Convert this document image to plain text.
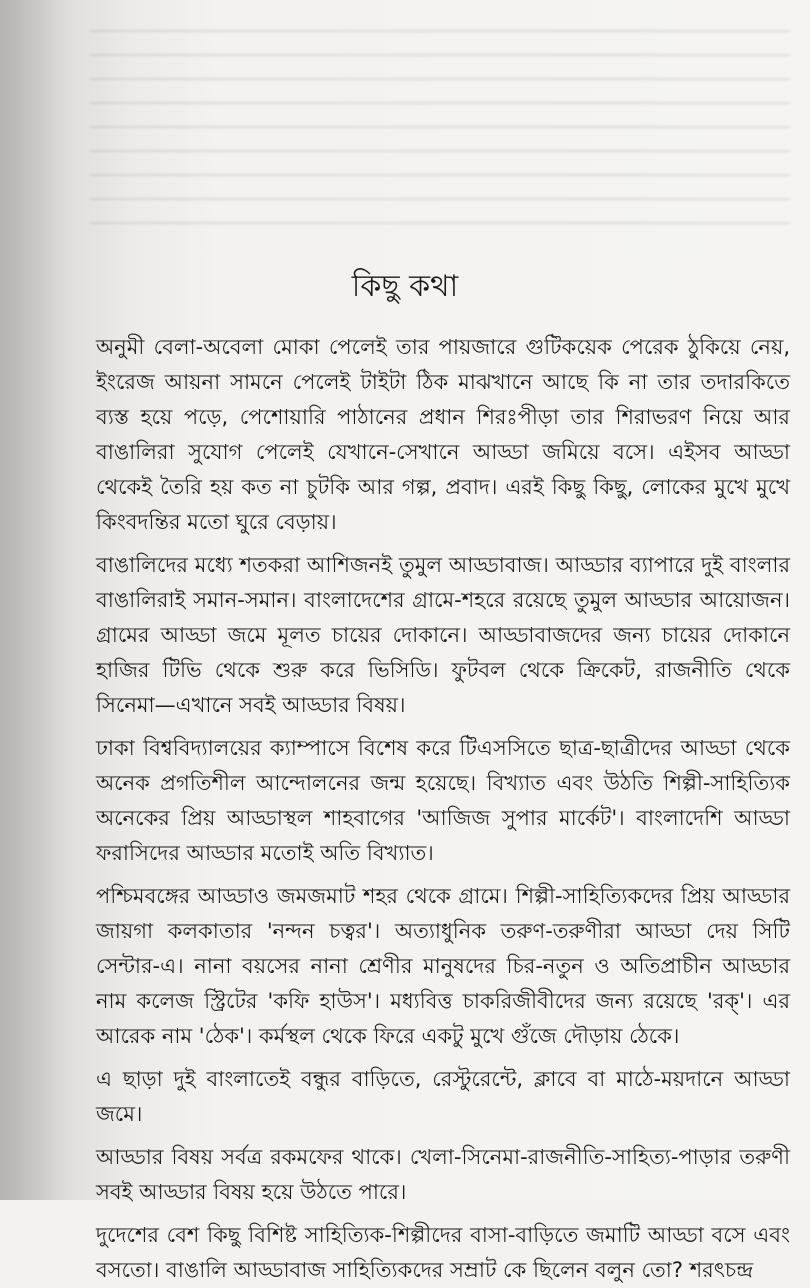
কিছু কথা

অনুমী বেলা-অবেলা মোকা পেলেই তার পায়জারে গুটিকয়েক পেরেক ঠুকিয়ে নেয়, ইংরেজ আয়না সামনে পেলেই টাইটা ঠিক মাঝখানে আছে কি না তার তদারকিতে ব্যস্ত হয়ে পড়ে, পেশোয়ারি পাঠানের প্রধান শিরঃপীড়া তার শিরাভরণ নিয়ে আর বাঙালিরা সুযোগ পেলেই যেখানে-সেখানে আড্ডা জমিয়ে বসে। এইসব আড্ডা থেকেই তৈরি হয় কত না চুটকি আর গল্প, প্রবাদ। এরই কিছু কিছু, লোকের মুখে মুখে কিংবদন্তির মতো ঘুরে বেড়ায়।

বাঙালিদের মধ্যে শতকরা আশিজনই তুমুল আড্ডাবাজ। আড্ডার ব্যাপারে দুই বাংলার বাঙালিরাই সমান-সমান। বাংলাদেশের গ্রামে-শহরে রয়েছে তুমুল আড্ডার আয়োজন। গ্রামের আড্ডা জমে মূলত চায়ের দোকানে। আড্ডাবাজদের জন্য চায়ের দোকানে হাজির টিভি থেকে শুরু করে ভিসিডি। ফুটবল থেকে ক্রিকেট, রাজনীতি থেকে সিনেমা—এখানে সবই আড্ডার বিষয়।

ঢাকা বিশ্ববিদ্যালয়ের ক্যাম্পাসে বিশেষ করে টিএসসিতে ছাত্র-ছাত্রীদের আড্ডা থেকে অনেক প্রগতিশীল আন্দোলনের জন্ম হয়েছে। বিখ্যাত এবং উঠতি শিল্পী-সাহিত্যিক অনেকের প্রিয় আড্ডাস্থল শাহবাগের 'আজিজ সুপার মার্কেট'। বাংলাদেশি আড্ডা ফরাসিদের আড্ডার মতোই অতি বিখ্যাত।

পশ্চিমবঙ্গের আড্ডাও জমজমাট শহর থেকে গ্রামে। শিল্পী-সাহিত্যিকদের প্রিয় আড্ডার জায়গা কলকাতার 'নন্দন চত্বর'। অত্যাধুনিক তরুণ-তরুণীরা আড্ডা দেয় সিটি সেন্টার-এ। নানা বয়সের নানা শ্রেণীর মানুষদের চির-নতুন ও অতিপ্রাচীন আড্ডার নাম কলেজ স্ট্রিটের 'কফি হাউস'। মধ্যবিত্ত চাকরিজীবীদের জন্য রয়েছে 'রক্'। এর আরেক নাম 'ঠেক'। কর্মস্থল থেকে ফিরে একটু মুখে গুঁজে দৌড়ায় ঠেকে।

এ ছাড়া দুই বাংলাতেই বন্ধুর বাড়িতে, রেস্টুরেন্টে, ক্লাবে বা মাঠে-ময়দানে আড্ডা জমে।

আড্ডার বিষয় সর্বত্র রকমফের থাকে। খেলা-সিনেমা-রাজনীতি-সাহিত্য-পাড়ার তরুণী সবই আড্ডার বিষয় হয়ে উঠতে পারে।

দুদেশের বেশ কিছু বিশিষ্ট সাহিত্যিক-শিল্পীদের বাসা-বাড়িতে জমাটি আড্ডা বসে এবং বসতো। বাঙালি আড্ডাবাজ সাহিত্যিকদের সম্রাট কে ছিলেন বলুন তো? শরৎচন্দ্র
